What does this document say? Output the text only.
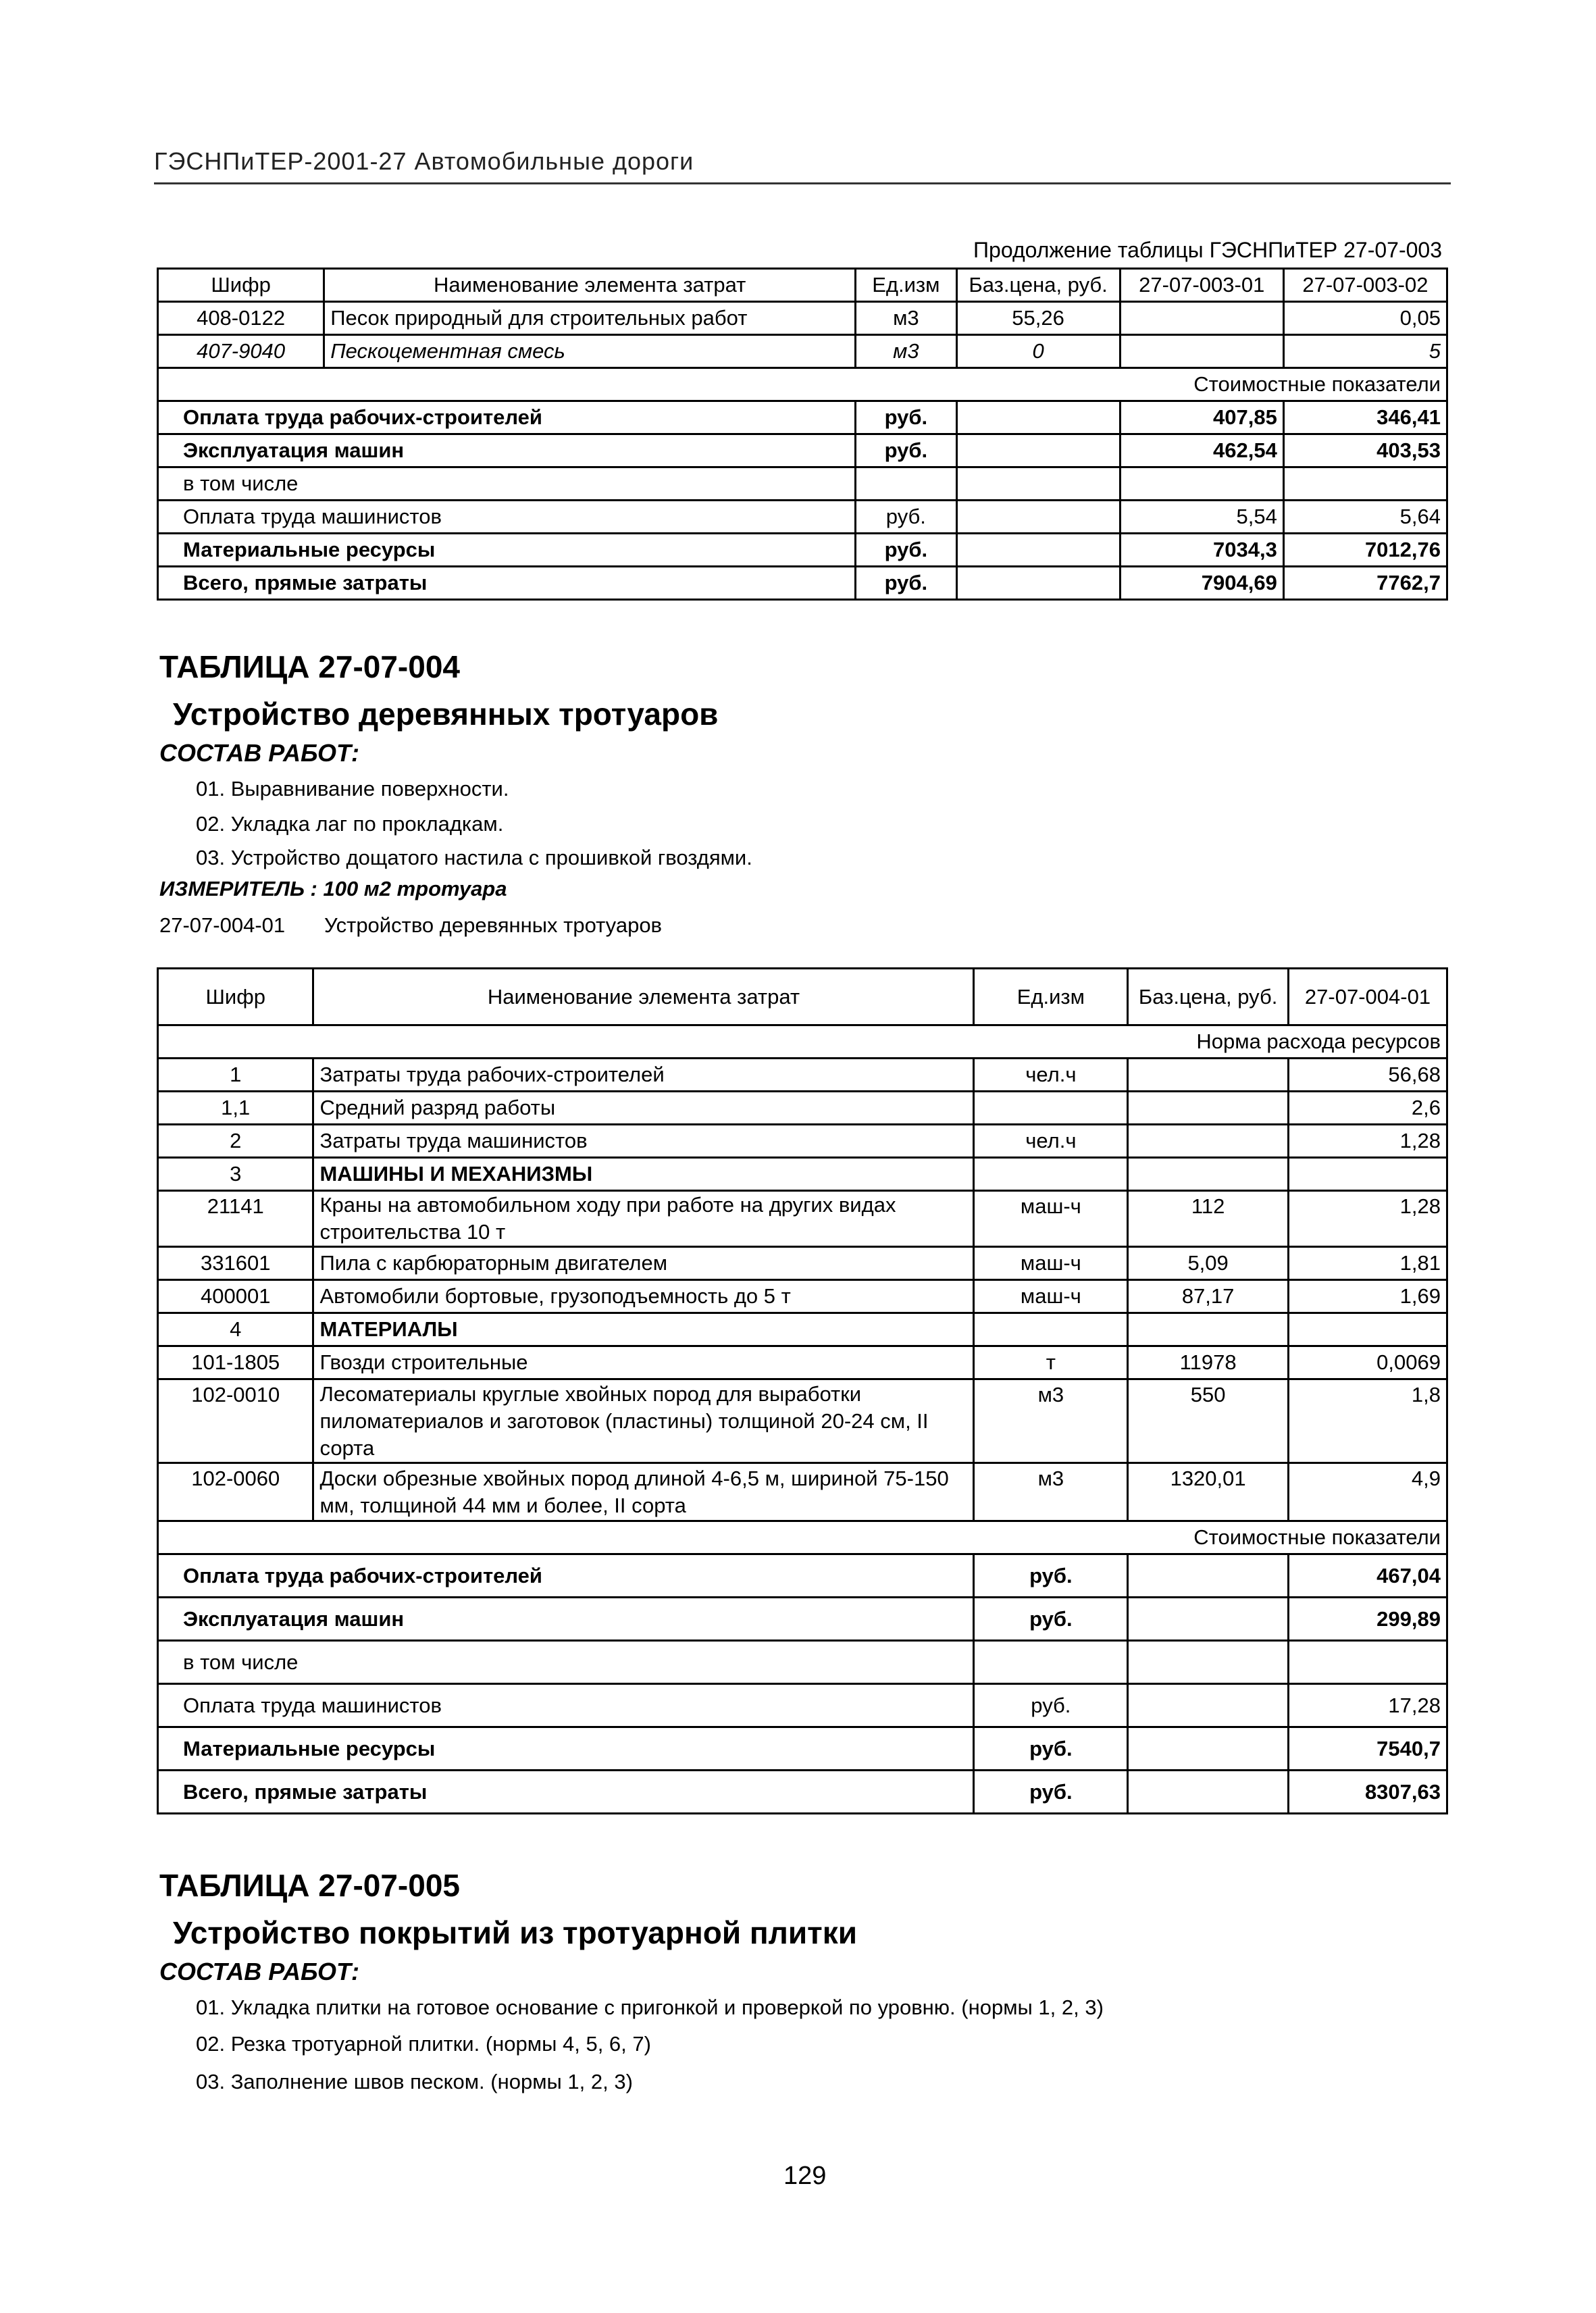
ГЭСНПиТЕР-2001-27 Автомобильные дороги
Продолжение таблицы ГЭСНПиТЕР 27-07-003
Шифр	Наименование элемента затрат	Ед.изм	Баз.цена, руб.	27-07-003-01	27-07-003-02
408-0122	Песок природный для строительных работ	м3	55,26		0,05
407-9040	Пескоцементная смесь	м3	0		5
Стоимостные показатели					
Оплата труда рабочих-строителей		руб.		407,85	346,41
Эксплуатация машин		руб.		462,54	403,53
в том числе					
Оплата труда машинистов		руб.		5,54	5,64
Материальные ресурсы		руб.		7034,3	7012,76
Всего, прямые затраты		руб.		7904,69	7762,7
ТАБЛИЦА 27-07-004
Устройство деревянных тротуаров
СОСТАВ РАБОТ:
01. Выравнивание поверхности.
02. Укладка лаг по прокладкам.
03. Устройство дощатого настила с прошивкой гвоздями.
ИЗМЕРИТЕЛЬ : 100 м2 тротуара
27-07-004-01 Устройство деревянных тротуаров
Шифр	Наименование элемента затрат	Ед.изм	Баз.цена, руб.	27-07-004-01
Норма расхода ресурсов				
1	Затраты труда рабочих-строителей	чел.ч		56,68
1,1	Средний разряд работы			2,6
2	Затраты труда машинистов	чел.ч		1,28
3	МАШИНЫ И МЕХАНИЗМЫ			
21141	Краны на автомобильном ходу при работе на других видах строительства 10 т	маш-ч	112	1,28
331601	Пила с карбюраторным двигателем	маш-ч	5,09	1,81
400001	Автомобили бортовые, грузоподъемность до 5 т	маш-ч	87,17	1,69
4	МАТЕРИАЛЫ			
101-1805	Гвозди строительные	т	11978	0,0069
102-0010	Лесоматериалы круглые хвойных пород для выработки пиломатериалов и заготовок (пластины) толщиной 20-24 см, II сорта	м3	550	1,8
102-0060	Доски обрезные хвойных пород длиной 4-6,5 м, шириной 75-150 мм, толщиной 44 мм и более, II сорта	м3	1320,01	4,9
Стоимостные показатели				
Оплата труда рабочих-строителей		руб.		467,04
Эксплуатация машин		руб.		299,89
в том числе				
Оплата труда машинистов		руб.		17,28
Материальные ресурсы		руб.		7540,7
Всего, прямые затраты		руб.		8307,63
ТАБЛИЦА 27-07-005
Устройство покрытий из тротуарной плитки
СОСТАВ РАБОТ:
01. Укладка плитки на готовое основание с пригонкой и проверкой по уровню. (нормы 1, 2, 3)
02. Резка тротуарной плитки. (нормы 4, 5, 6, 7)
03. Заполнение швов песком. (нормы 1, 2, 3)
129
